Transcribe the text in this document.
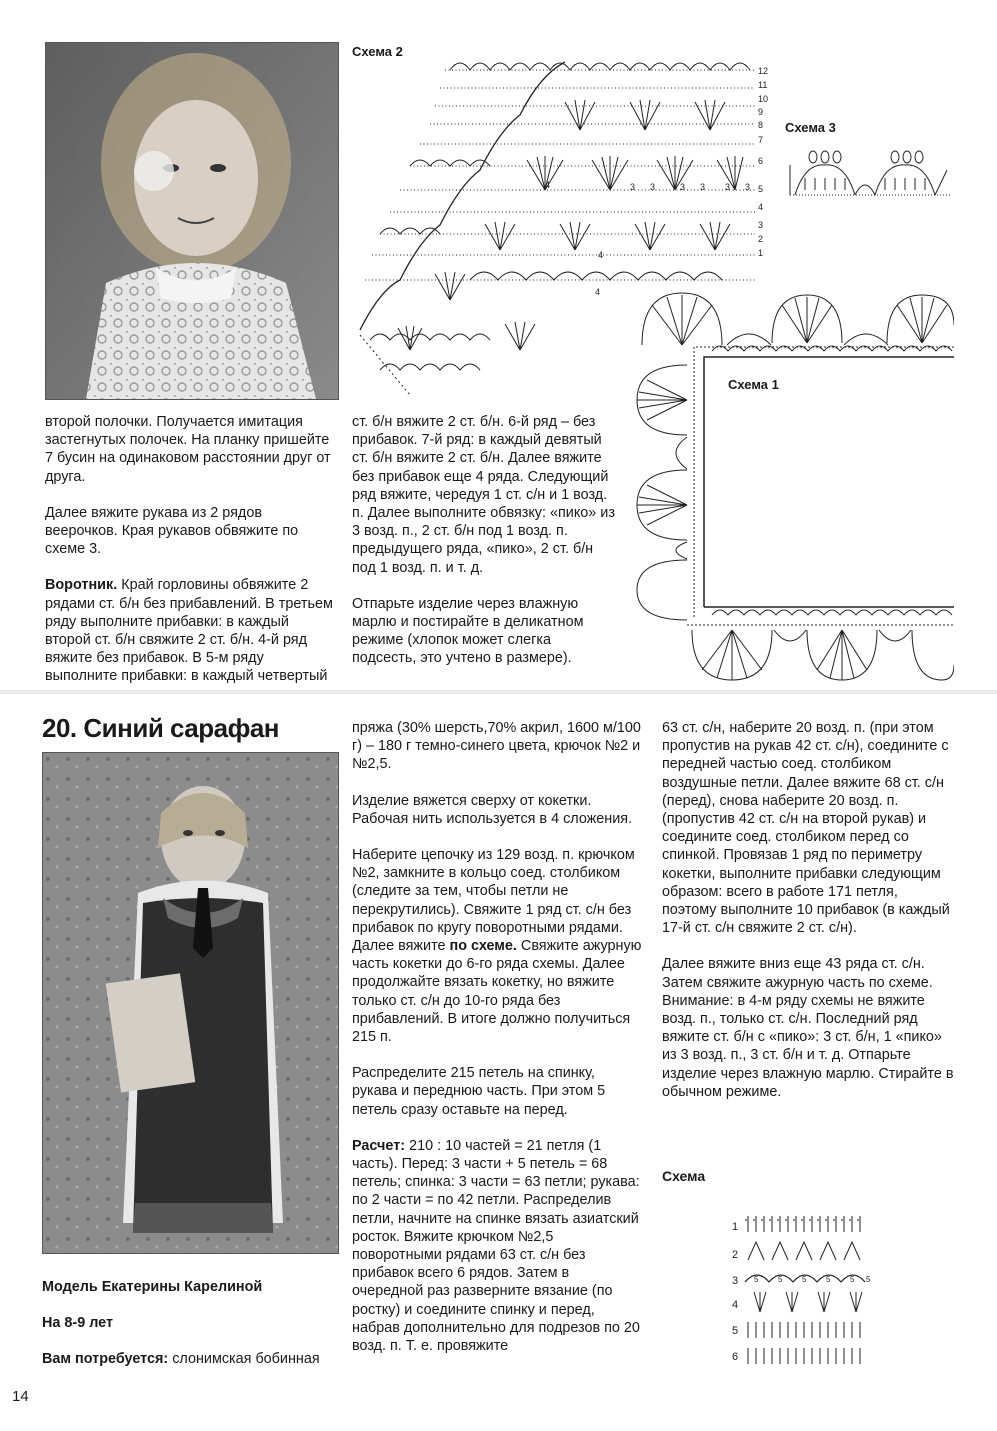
Схема 2
12
11
10
9
8
7
6
5
4
3
2
1
4
4
3 3	3 3 3 3
4
Схема 3
Схема 1

второй полочки. Получается имитация застегнутых полочек. На планку пришейте 7 бусин на одинаковом расстоянии друг от друга.

Далее вяжите рукава из 2 рядов веерочков. Края рукавов обвяжите по схеме 3.

Воротник. Край горловины обвяжите 2 рядами ст. б/н без прибавлений. В третьем ряду выполните прибавки: в каждый второй ст. б/н свяжите 2 ст. б/н. 4-й ряд вяжите без прибавок. В 5-м ряду выполните прибавки: в каждый четвертый

ст. б/н вяжите 2 ст. б/н. 6-й ряд – без прибавок. 7-й ряд: в каждый девятый ст. б/н вяжите 2 ст. б/н. Далее вяжите без прибавок еще 4 ряда. Следующий ряд вяжите, чередуя 1 ст. с/н и 1 возд. п. Далее выполните обвязку: «пико» из 3 возд. п., 2 ст. б/н под 1 возд. п. предыдущего ряда, «пико», 2 ст. б/н под 1 возд. п. и т. д.

Отпарьте изделие через влажную марлю и постирайте в деликатном режиме (хлопок может слегка подсесть, это учтено в размере).

20. Синий сарафан

Модель Екатерины Карелиной

На 8-9 лет

Вам потребуется: слонимская бобинная

пряжа (30% шерсть,70% акрил, 1600 м/100 г) – 180 г темно-синего цвета, крючок №2 и №2,5.

Изделие вяжется сверху от кокетки. Рабочая нить используется в 4 сложения.

Наберите цепочку из 129 возд. п. крючком №2, замкните в кольцо соед. столбиком (следите за тем, чтобы петли не перекрутились). Свяжите 1 ряд ст. с/н без прибавок по кругу поворотными рядами. Далее вяжите по схеме. Свяжите ажурную часть кокетки до 6-го ряда схемы. Далее продолжайте вязать кокетку, но вяжите только ст. с/н до 10-го ряда без прибавлений. В итоге должно получиться 215 п.

Распределите 215 петель на спинку, рукава и переднюю часть. При этом 5 петель сразу оставьте на перед.

Расчет: 210 : 10 частей = 21 петля (1 часть). Перед: 3 части + 5 петель = 68 петель; спинка: 3 части = 63 петли; рукава: по 2 части = по 42 петли. Распределив петли, начните на спинке вязать азиатский росток. Вяжите крючком №2,5 поворотными рядами 63 ст. с/н без прибавок всего 6 рядов. Затем в очередной раз разверните вязание (по ростку) и соедините спинку и перед, набрав дополнительно для подрезов по 20 возд. п. Т. е. провяжите

63 ст. с/н, наберите 20 возд. п. (при этом пропустив на рукав 42 ст. с/н), соедините с передней частью соед. столбиком воздушные петли. Далее вяжите 68 ст. с/н (перед), снова наберите 20 возд. п. (пропустив 42 ст. с/н на второй рукав) и соедините соед. столбиком перед со спинкой. Провязав 1 ряд по периметру кокетки, выполните прибавки следующим образом: всего в работе 171 петля, поэтому выполните 10 прибавок (в каждый 17-й ст. с/н свяжите 2 ст. с/н).

Далее вяжите вниз еще 43 ряда ст. с/н. Затем свяжите ажурную часть по схеме. Внимание: в 4-м ряду схемы не вяжите возд. п., только ст. с/н. Последний ряд вяжите ст. б/н с «пико»: 3 ст. б/н, 1 «пико» из 3 возд. п., 3 ст. б/н и т. д. Отпарьте изделие через влажную марлю. Стирайте в обычном режиме.

Схема
1
2
3
4
5
6
5 5 5 5 5 5
14
